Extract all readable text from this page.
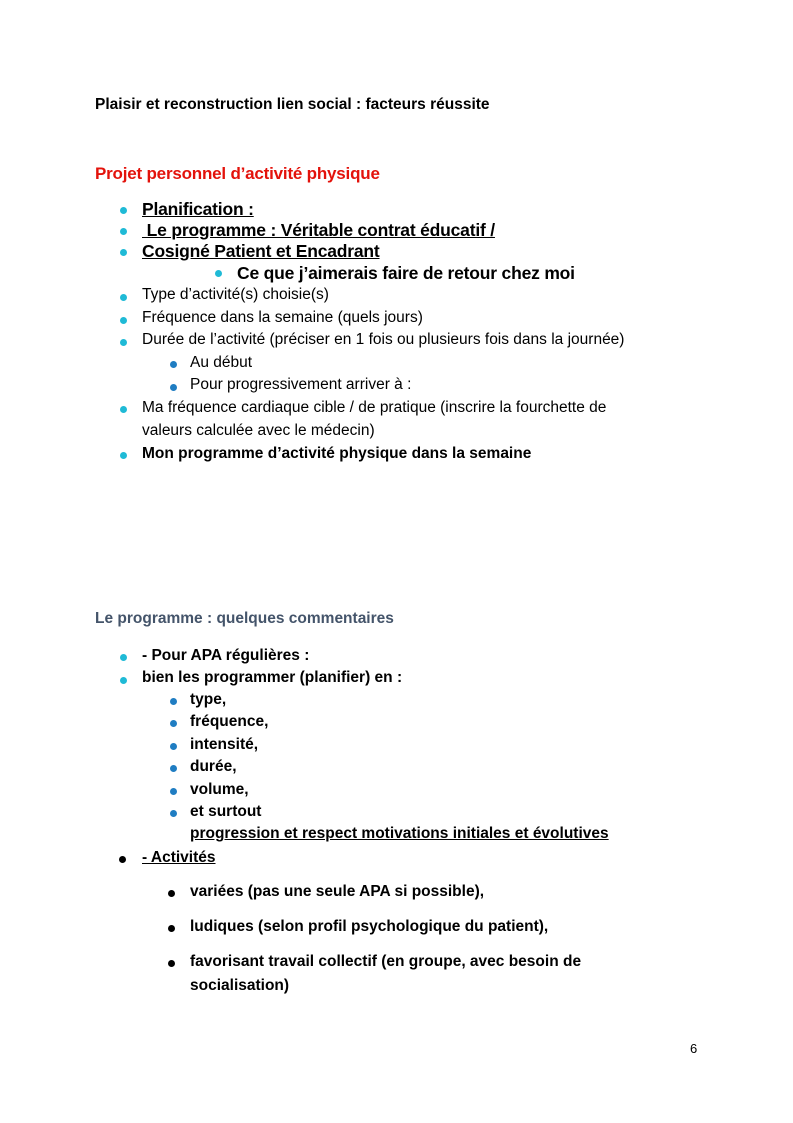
Plaisir et reconstruction lien social : facteurs réussite
Projet personnel d’activité physique
Planification :
Le programme : Véritable contrat éducatif /
Cosigné Patient et Encadrant
Ce que j’aimerais faire de retour chez moi
Type d’activité(s) choisie(s)
Fréquence dans la semaine (quels jours)
Durée de l’activité (préciser en 1 fois ou plusieurs fois dans la journée)
Au début
Pour progressivement arriver à :
Ma fréquence cardiaque cible / de pratique (inscrire la fourchette de
valeurs calculée avec le médecin)
Mon programme d’activité physique dans la semaine
Le programme : quelques commentaires
- Pour APA régulières :
bien les programmer (planifier) en :
type,
fréquence,
intensité,
durée,
volume,
et surtout
progression et respect motivations initiales et évolutives
- Activités
variées (pas une seule APA si possible),
ludiques (selon profil psychologique du patient),
favorisant travail collectif (en groupe, avec besoin de
socialisation)
6
